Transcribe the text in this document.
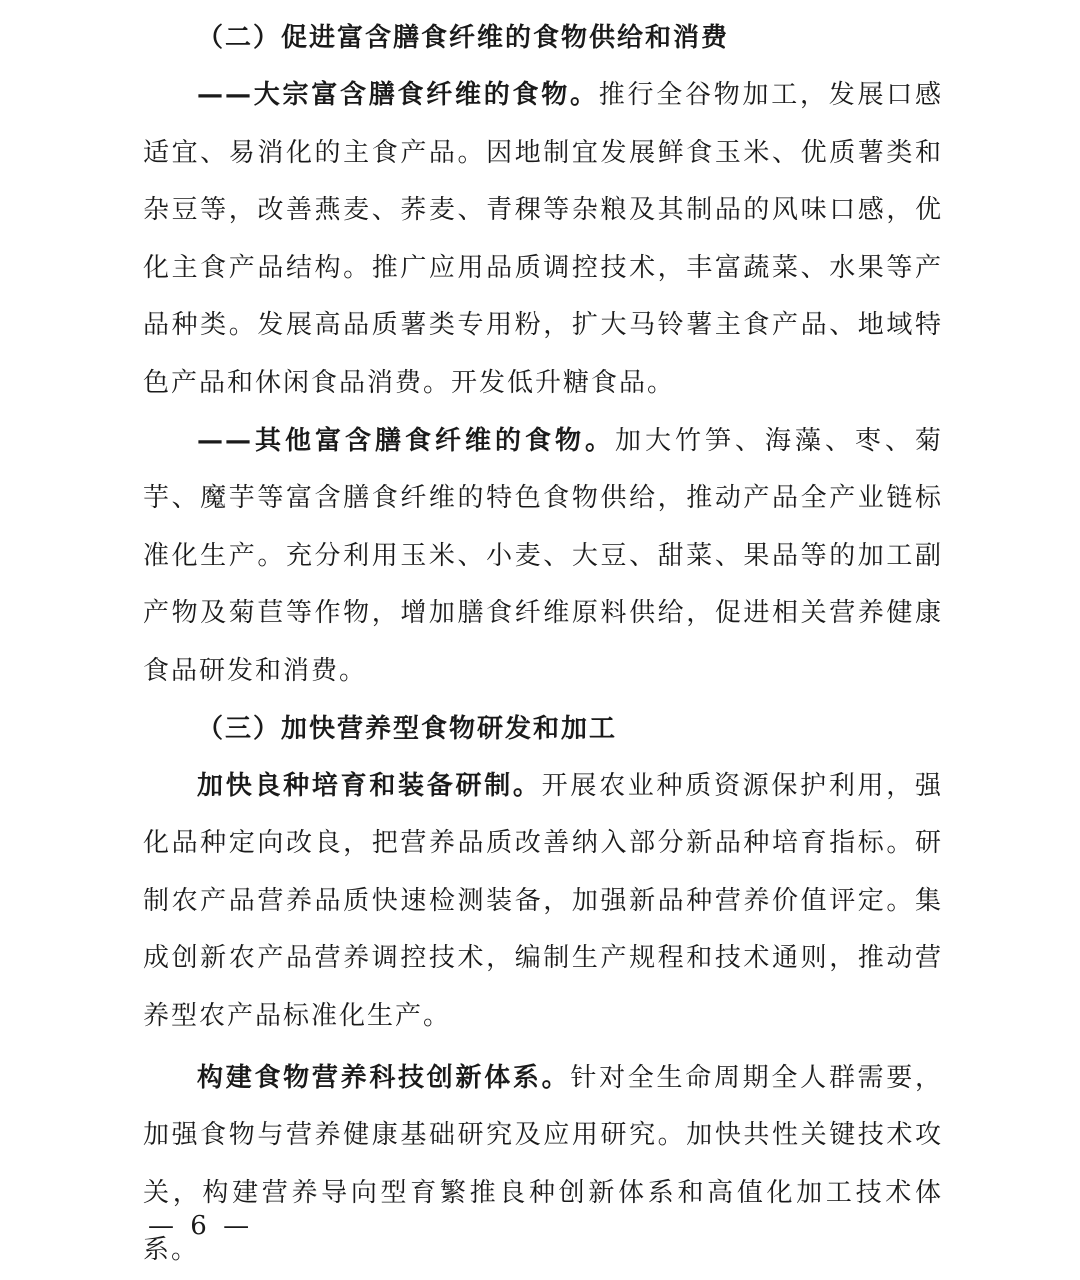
（二）促进富含膳食纤维的食物供给和消费
——大宗富含膳食纤维的食物。推行全谷物加工，发展口感适宜、易消化的主食产品。因地制宜发展鲜食玉米、优质薯类和杂豆等，改善燕麦、荞麦、青稞等杂粮及其制品的风味口感，优化主食产品结构。推广应用品质调控技术，丰富蔬菜、水果等产品种类。发展高品质薯类专用粉，扩大马铃薯主食产品、地域特色产品和休闲食品消费。开发低升糖食品。
——其他富含膳食纤维的食物。加大竹笋、海藻、枣、菊芋、魔芋等富含膳食纤维的特色食物供给，推动产品全产业链标准化生产。充分利用玉米、小麦、大豆、甜菜、果品等的加工副产物及菊苣等作物，增加膳食纤维原料供给，促进相关营养健康食品研发和消费。
（三）加快营养型食物研发和加工
加快良种培育和装备研制。开展农业种质资源保护利用，强化品种定向改良，把营养品质改善纳入部分新品种培育指标。研制农产品营养品质快速检测装备，加强新品种营养价值评定。集成创新农产品营养调控技术，编制生产规程和技术通则，推动营养型农产品标准化生产。
构建食物营养科技创新体系。针对全生命周期全人群需要，加强食物与营养健康基础研究及应用研究。加快共性关键技术攻关，构建营养导向型育繁推良种创新体系和高值化加工技术体系。
— 6 —
